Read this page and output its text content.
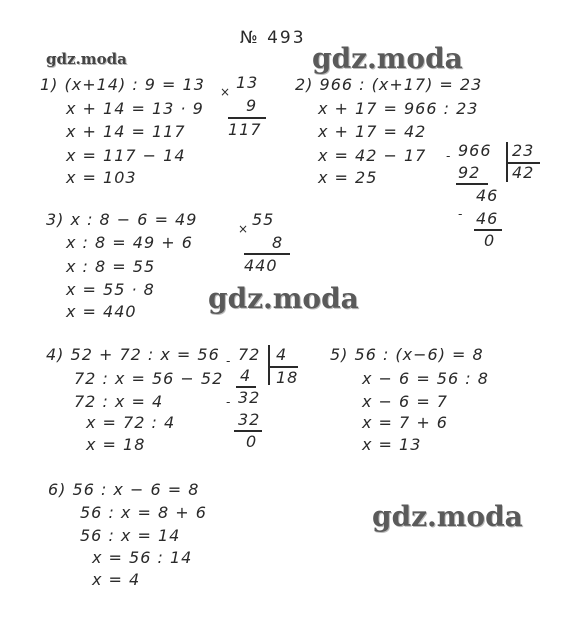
№ 493
gdz.moda	gdz.moda
gdz.moda
gdz.moda
1) (x+14) : 9 = 13
x + 14 = 13 · 9
x + 14 = 117
x = 117 − 14
x = 103
× 13
9
117
2) 966 : (x+17) = 23
x + 17 = 966 : 23
x + 17 = 42
x = 42 − 17
x = 25
- 966 23
42
92
46
- 46
0
3) x : 8 − 6 = 49
x : 8 = 49 + 6
x : 8 = 55
x = 55 · 8
x = 440
× 55
8
440
4) 52 + 72 : x = 56
72 : x = 56 − 52
72 : x = 4
x = 72 : 4
x = 18
- 72 4
18
4
- 32
32
0
5) 56 : (x−6) = 8
x − 6 = 56 : 8
x − 6 = 7
x = 7 + 6
x = 13
6) 56 : x − 6 = 8
56 : x = 8 + 6
56 : x = 14
x = 56 : 14
x = 4
